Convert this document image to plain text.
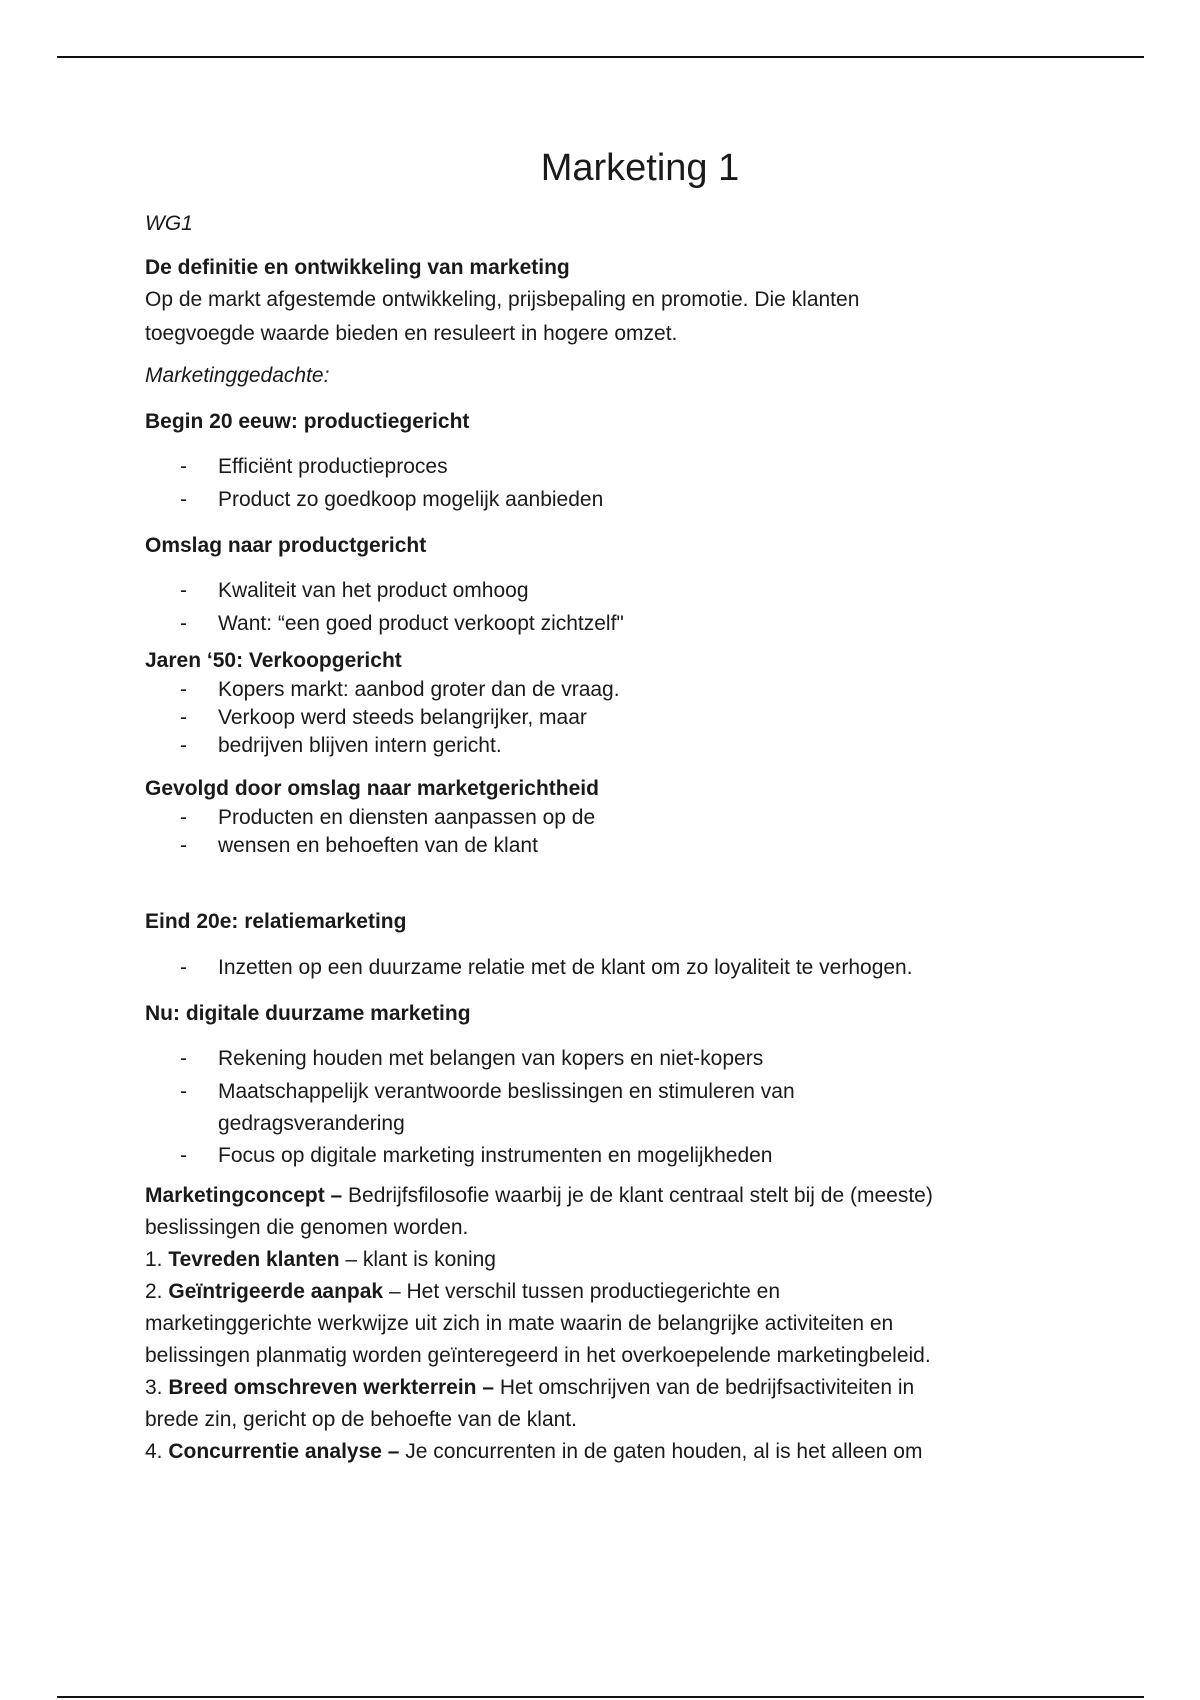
Marketing 1

WG1

De definitie en ontwikkeling van marketing

Op de markt afgestemde ontwikkeling, prijsbepaling en promotie. Die klanten

toegvoegde waarde bieden en resuleert in hogere omzet.

Marketinggedachte:

Begin 20 eeuw: productiegericht

- Efficiënt productieproces
- Product zo goedkoop mogelijk aanbieden

Omslag naar productgericht

- Kwaliteit van het product omhoog
- Want: “een goed product verkoopt zichtzelf"

Jaren ‘50: Verkoopgericht

- Kopers markt: aanbod groter dan de vraag.
- Verkoop werd steeds belangrijker, maar
- bedrijven blijven intern gericht.

Gevolgd door omslag naar marketgerichtheid

- Producten en diensten aanpassen op de
- wensen en behoeften van de klant

Eind 20e: relatiemarketing

- Inzetten op een duurzame relatie met de klant om zo loyaliteit te verhogen.

Nu: digitale duurzame marketing

- Rekening houden met belangen van kopers en niet-kopers
- Maatschappelijk verantwoorde beslissingen en stimuleren van
gedragsverandering
- Focus op digitale marketing instrumenten en mogelijkheden

Marketingconcept – Bedrijfsfilosofie waarbij je de klant centraal stelt bij de (meeste)

beslissingen die genomen worden.

1. Tevreden klanten – klant is koning

2. Geïntrigeerde aanpak – Het verschil tussen productiegerichte en

marketinggerichte werkwijze uit zich in mate waarin de belangrijke activiteiten en

belissingen planmatig worden geïnteregeerd in het overkoepelende marketingbeleid.

3. Breed omschreven werkterrein – Het omschrijven van de bedrijfsactiviteiten in

brede zin, gericht op de behoefte van de klant.

4. Concurrentie analyse – Je concurrenten in de gaten houden, al is het alleen om
